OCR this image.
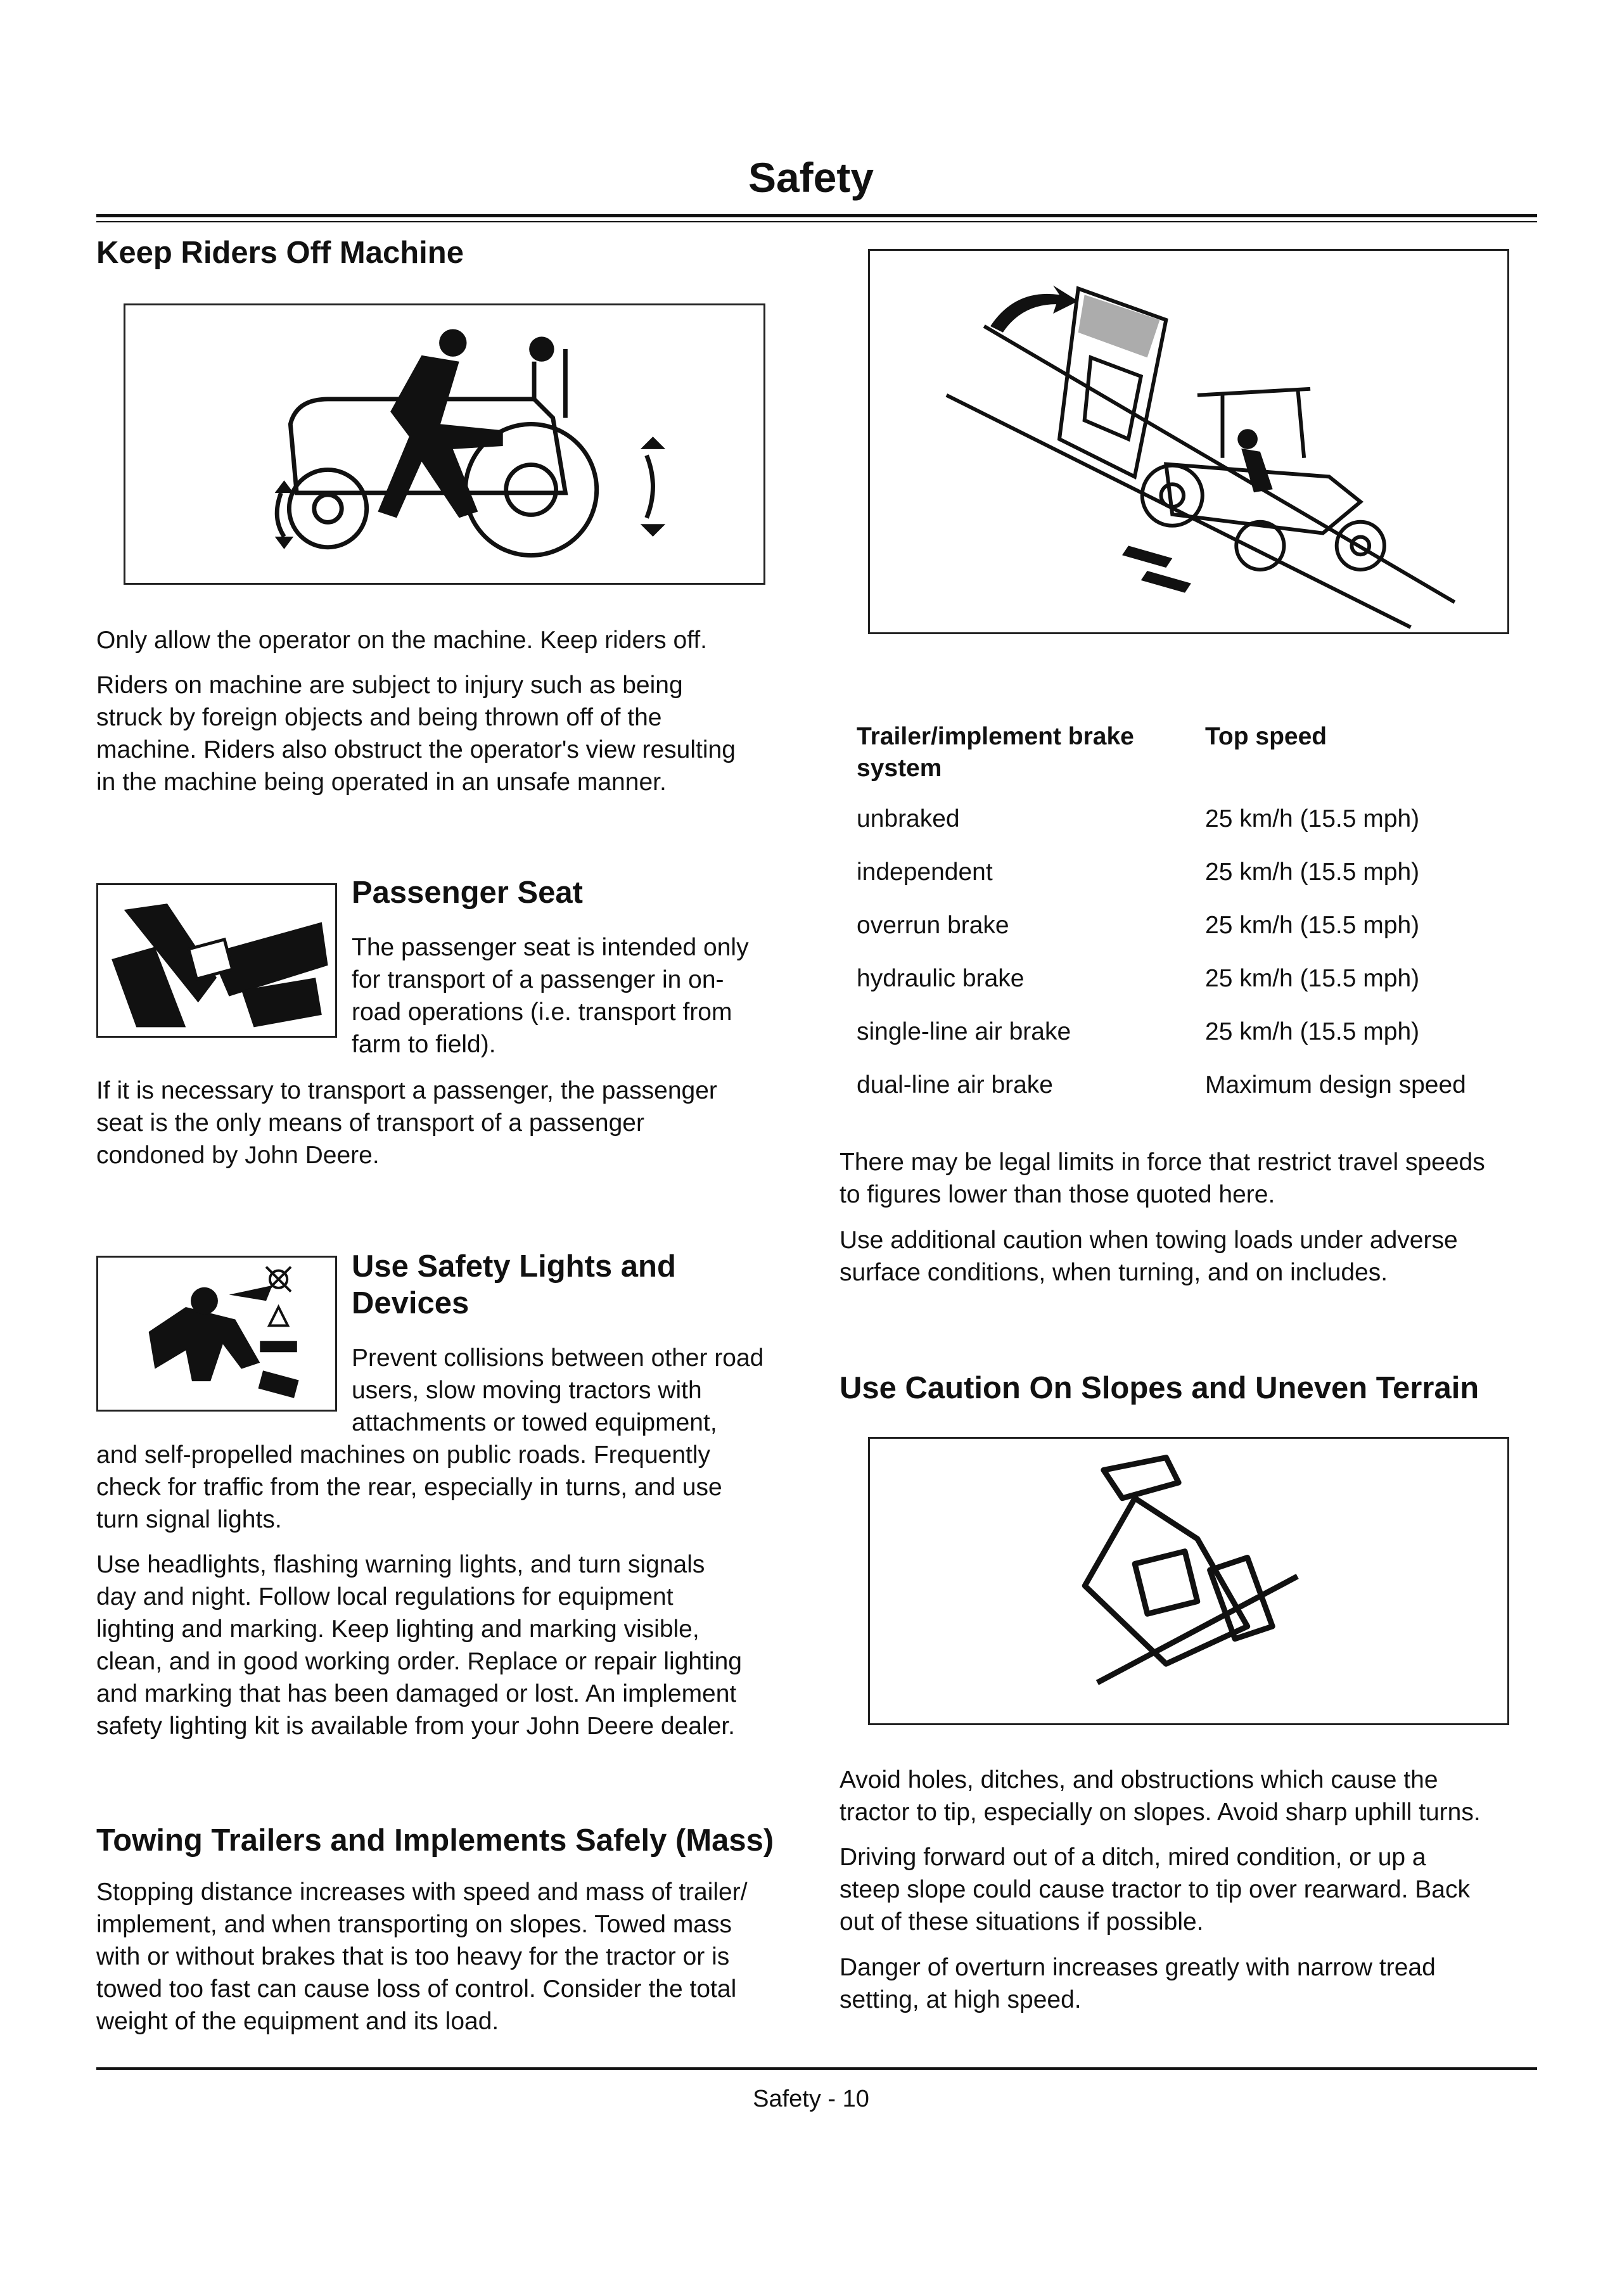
Safety
Keep Riders Off Machine
Only allow the operator on the machine. Keep riders off.
Riders on machine are subject to injury such as being
struck by foreign objects and being thrown off of the
machine. Riders also obstruct the operator's view resulting
in the machine being operated in an unsafe manner.
Passenger Seat
The passenger seat is intended only
for transport of a passenger in on-
road operations (i.e. transport from
farm to field).
If it is necessary to transport a passenger, the passenger
seat is the only means of transport of a passenger
condoned by John Deere.
Use Safety Lights and
Devices
Prevent collisions between other road
users, slow moving tractors with
attachments or towed equipment,
and self-propelled machines on public roads. Frequently
check for traffic from the rear, especially in turns, and use
turn signal lights.
Use headlights, flashing warning lights, and turn signals
day and night. Follow local regulations for equipment
lighting and marking. Keep lighting and marking visible,
clean, and in good working order. Replace or repair lighting
and marking that has been damaged or lost. An implement
safety lighting kit is available from your John Deere dealer.
Towing Trailers and Implements Safely (Mass)
Stopping distance increases with speed and mass of trailer/
implement, and when transporting on slopes. Towed mass
with or without brakes that is too heavy for the tractor or is
towed too fast can cause loss of control. Consider the total
weight of the equipment and its load.
Trailer/implement brake
system	Top speed
unbraked	25 km/h (15.5 mph)
independent	25 km/h (15.5 mph)
overrun brake	25 km/h (15.5 mph)
hydraulic brake	25 km/h (15.5 mph)
single-line air brake	25 km/h (15.5 mph)
dual-line air brake	Maximum design speed
There may be legal limits in force that restrict travel speeds
to figures lower than those quoted here.
Use additional caution when towing loads under adverse
surface conditions, when turning, and on includes.
Use Caution On Slopes and Uneven Terrain
Avoid holes, ditches, and obstructions which cause the
tractor to tip, especially on slopes. Avoid sharp uphill turns.
Driving forward out of a ditch, mired condition, or up a
steep slope could cause tractor to tip over rearward. Back
out of these situations if possible.
Danger of overturn increases greatly with narrow tread
setting, at high speed.
Safety - 10
